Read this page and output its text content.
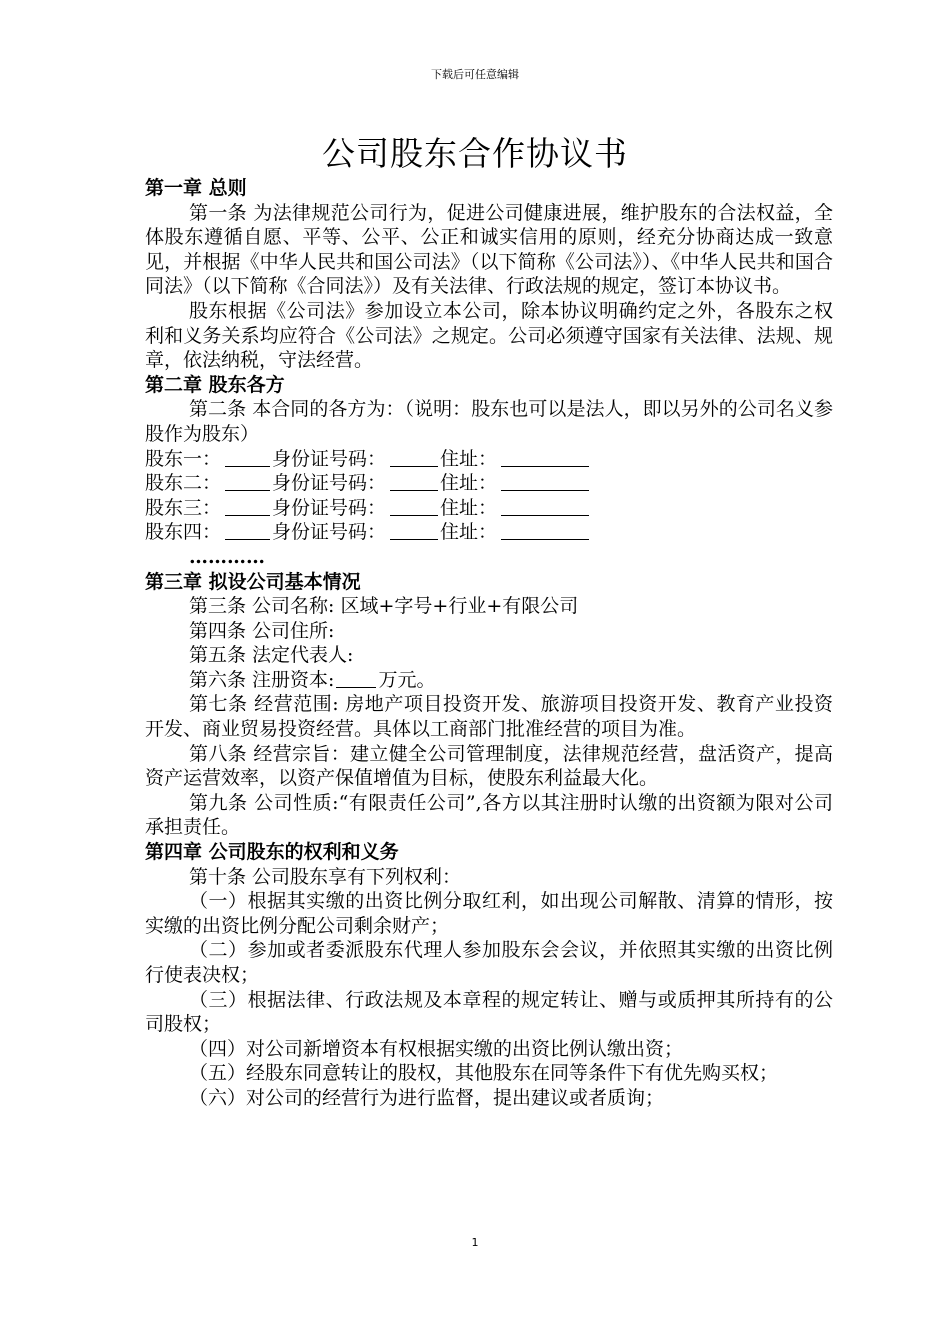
下载后可任意编辑
公司股东合作协议书

第一章 总则

第一条 为法律规范公司行为，促进公司健康进展，维护股东的合法权益，全体股东遵循自愿、平等、公平、公正和诚实信用的原则，经充分协商达成一致意见，并根据《中华人民共和国公司法》（以下简称《公司法》）、《中华人民共和国合同法》（以下简称《合同法》）及有关法律、行政法规的规定，签订本协议书。

股东根据《公司法》参加设立本公司，除本协议明确约定之外，各股东之权利和义务关系均应符合《公司法》之规定。公司必须遵守国家有关法律、法规、规章，依法纳税，守法经营。

第二章 股东各方

第二条 本合同的各方为：（说明：股东也可以是法人，即以另外的公司名义参股作为股东）

股东一：	身份证号码：	住址：

股东二：	身份证号码：	住址：

股东三：	身份证号码：	住址：

股东四：	身份证号码：	住址：

…………

第三章 拟设公司基本情况

第三条 公司名称: 区域+字号+行业+有限公司

第四条 公司住所:

第五条 法定代表人:

第六条 注册资本: 万元。

第七条 经营范围: 房地产项目投资开发、旅游项目投资开发、教育产业投资开发、商业贸易投资经营。具体以工商部门批准经营的项目为准。

第八条 经营宗旨：建立健全公司管理制度，法律规范经营，盘活资产，提高资产运营效率，以资产保值增值为目标，使股东利益最大化。

第九条 公司性质:“有限责任公司”,各方以其注册时认缴的出资额为限对公司承担责任。

第四章 公司股东的权利和义务

第十条 公司股东享有下列权利：

（一）根据其实缴的出资比例分取红利，如出现公司解散、清算的情形，按实缴的出资比例分配公司剩余财产；

（二）参加或者委派股东代理人参加股东会会议，并依照其实缴的出资比例行使表决权；

（三）根据法律、行政法规及本章程的规定转让、赠与或质押其所持有的公司股权；

（四）对公司新增资本有权根据实缴的出资比例认缴出资；

（五）经股东同意转让的股权，其他股东在同等条件下有优先购买权；

（六）对公司的经营行为进行监督，提出建议或者质询；

1
